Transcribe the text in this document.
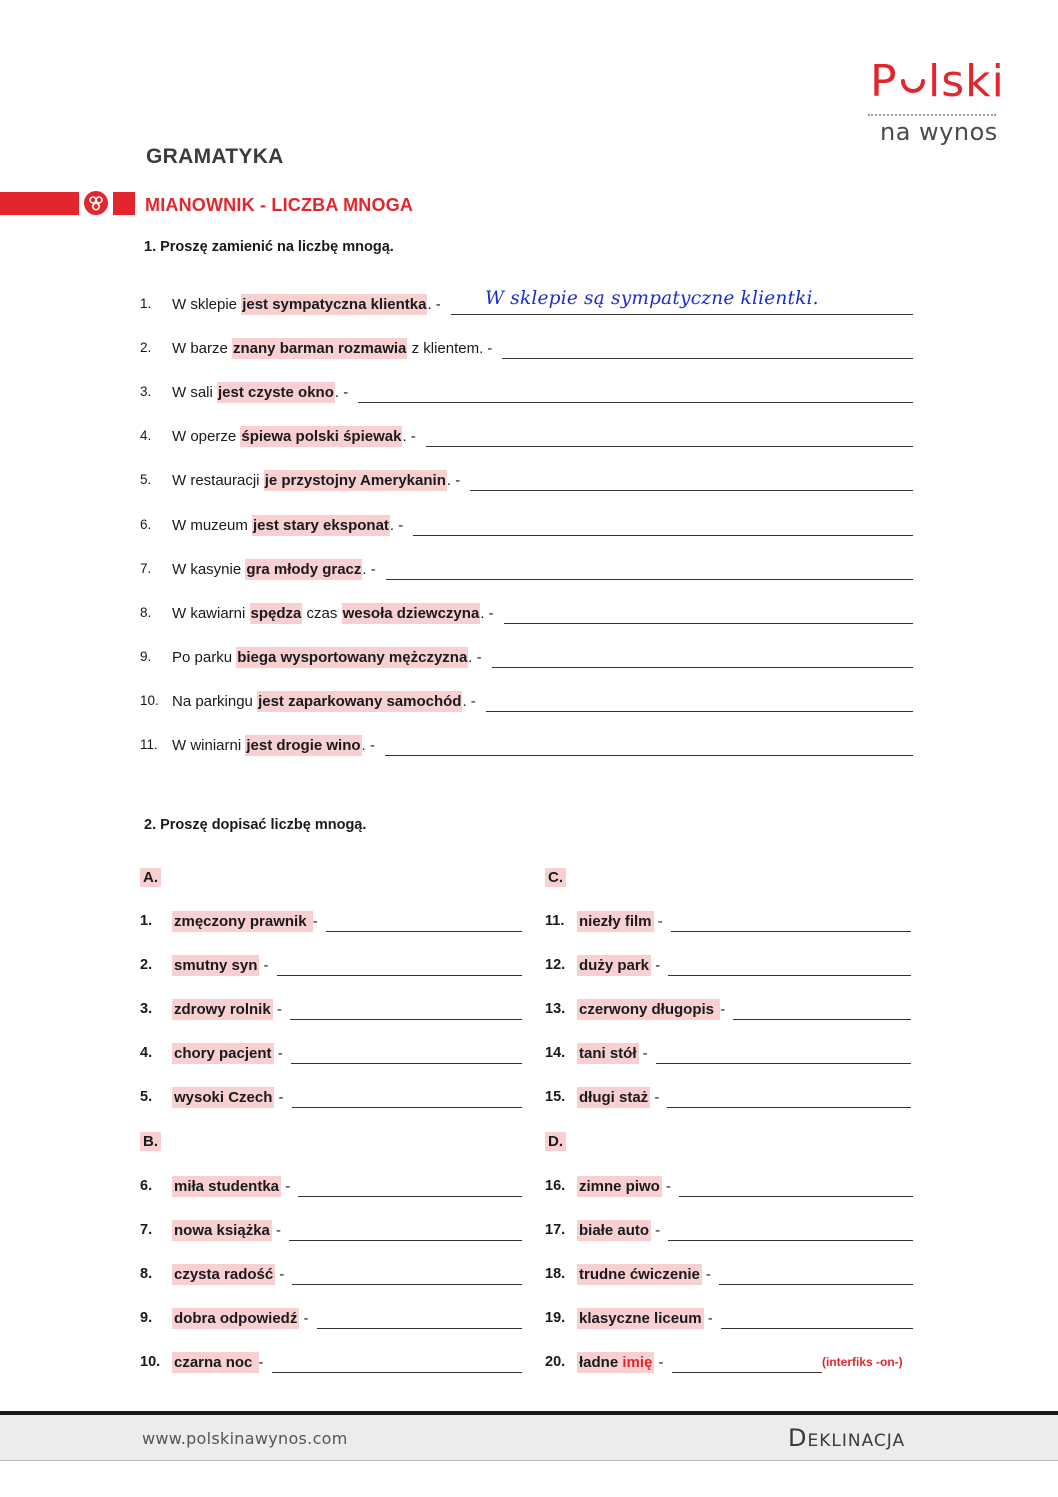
P lski
na wynos
GRAMATYKA
MIANOWNIK - LICZBA MNOGA
1. Proszę zamienić na liczbę mnogą.
1. W sklepie jest sympatyczna klientka. - W sklepie są sympatyczne klientki.
2. W barze znany barman rozmawia z klientem. -
3. W sali jest czyste okno. -
4. W operze śpiewa polski śpiewak. -
5. W restauracji je przystojny Amerykanin. -
6. W muzeum jest stary eksponat. -
7. W kasynie gra młody gracz. -
8. W kawiarni spędza czas wesoła dziewczyna. -
9. Po parku biega wysportowany mężczyzna. -
10. Na parkingu jest zaparkowany samochód. -
11. W winiarni jest drogie wino. -
2. Proszę dopisać liczbę mnogą.
A.
1. zmęczony prawnik -
2. smutny syn -
3. zdrowy rolnik -
4. chory pacjent -
5. wysoki Czech -
B.
6. miła studentka -
7. nowa książka -
8. czysta radość -
9. dobra odpowiedź -
10. czarna noc -
C.
11. niezły film -
12. duży park -
13. czerwony długopis -
14. tani stół -
15. długi staż -
D.
16. zimne piwo -
17. białe auto -
18. trudne ćwiczenie -
19. klasyczne liceum -
20. ładne imię -	(interfiks -on-)
www.polskinawynos.com	Deklinacja
